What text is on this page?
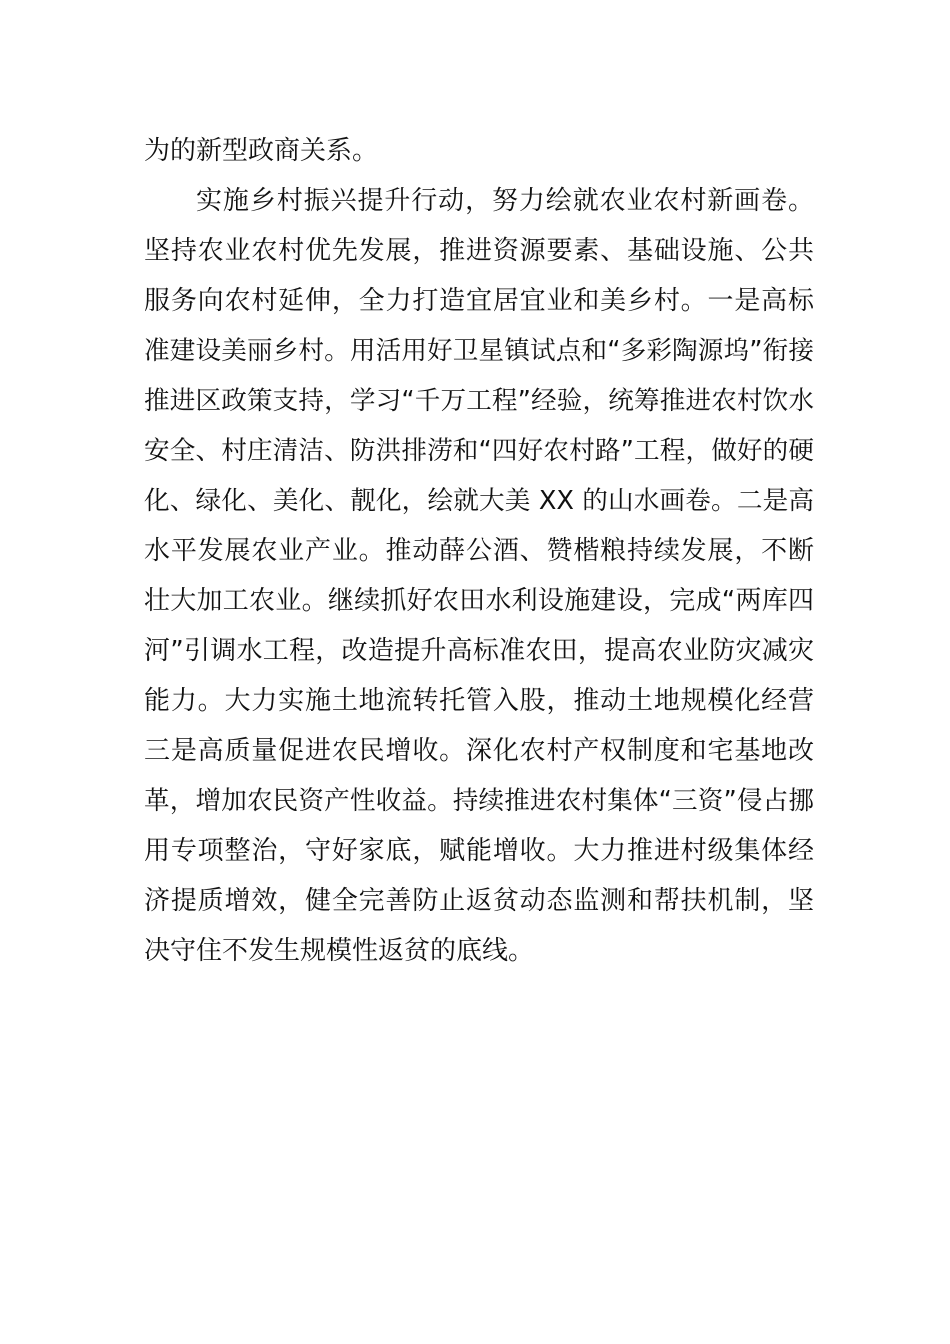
为的新型政商关系。
实施乡村振兴提升行动，努力绘就农业农村新画卷。
坚持农业农村优先发展，推进资源要素、基础设施、公共
服务向农村延伸，全力打造宜居宜业和美乡村。一是高标
准建设美丽乡村。用活用好卫星镇试点和“多彩陶源坞”衔接
推进区政策支持，学习“千万工程”经验，统筹推进农村饮水
安全、村庄清洁、防洪排涝和“四好农村路”工程，做好的硬
化、绿化、美化、靓化，绘就大美 XX 的山水画卷。二是高
水平发展农业产业。推动薛公酒、赞楷粮持续发展，不断
壮大加工农业。继续抓好农田水利设施建设，完成“两库四
河”引调水工程，改造提升高标准农田，提高农业防灾减灾
能力。大力实施土地流转托管入股，推动土地规模化经营
三是高质量促进农民增收。深化农村产权制度和宅基地改
革，增加农民资产性收益。持续推进农村集体“三资”侵占挪
用专项整治，守好家底，赋能增收。大力推进村级集体经
济提质增效，健全完善防止返贫动态监测和帮扶机制，坚
决守住不发生规模性返贫的底线。
